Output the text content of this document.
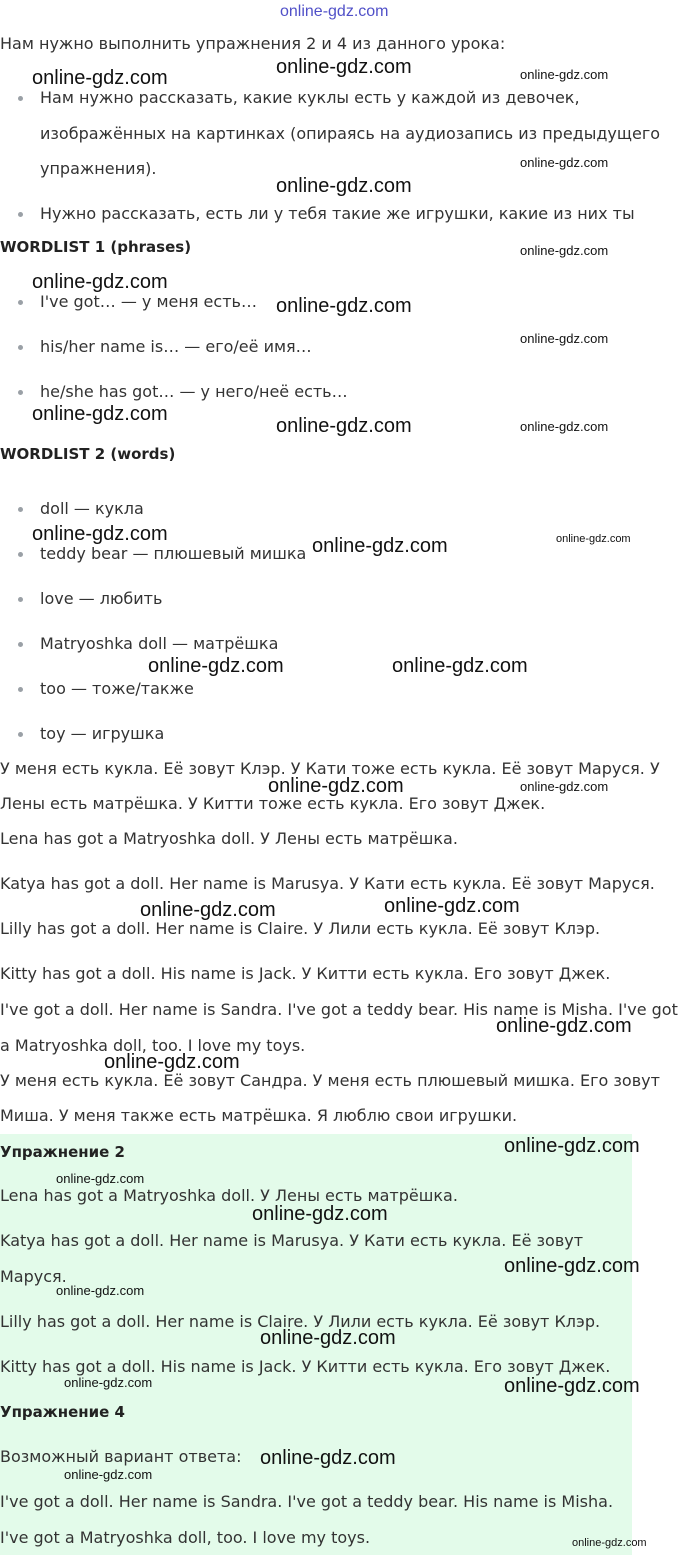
online-gdz.com
Нам нужно выполнить упражнения 2 и 4 из данного урока:
Нам нужно рассказать, какие куклы есть у каждой из девочек,
изображённых на картинках (опираясь на аудиозапись из предыдущего
упражнения).
Нужно рассказать, есть ли у тебя такие же игрушки, какие из них ты
WORDLIST 1 (phrases)
I've got… — у меня есть…
his/her name is… — его/её имя…
he/she has got… — у него/неё есть…
WORDLIST 2 (words)
doll — кукла
teddy bear — плюшевый мишка
love — любить
Matryoshka doll — матрёшка
too — тоже/также
toy — игрушка
У меня есть кукла. Её зовут Клэр. У Кати тоже есть кукла. Её зовут Маруся. У
Лены есть матрёшка. У Китти тоже есть кукла. Его зовут Джек.
Lena has got a Matryoshka doll. У Лены есть матрёшка.
Katya has got a doll. Her name is Marusya. У Кати есть кукла. Её зовут Маруся.
Lilly has got a doll. Her name is Claire. У Лили есть кукла. Её зовут Клэр.
Kitty has got a doll. His name is Jack. У Китти есть кукла. Его зовут Джек.
I've got a doll. Her name is Sandra. I've got a teddy bear. His name is Misha. I've got
a Matryoshka doll, too. I love my toys.
У меня есть кукла. Её зовут Сандра. У меня есть плюшевый мишка. Его зовут
Миша. У меня также есть матрёшка. Я люблю свои игрушки.
Упражнение 2
Lena has got a Matryoshka doll. У Лены есть матрёшка.
Katya has got a doll. Her name is Marusya. У Кати есть кукла. Её зовут
Маруся.
Lilly has got a doll. Her name is Claire. У Лили есть кукла. Её зовут Клэр.
Kitty has got a doll. His name is Jack. У Китти есть кукла. Его зовут Джек.
Упражнение 4
Возможный вариант ответа:
I've got a doll. Her name is Sandra. I've got a teddy bear. His name is Misha.
I've got a Matryoshka doll, too. I love my toys.
online-gdz.com	online-gdz.com
online-gdz.com
online-gdz.com
online-gdz.com
online-gdz.com
online-gdz.com
online-gdz.com
online-gdz.com
online-gdz.com	online-gdz.com
online-gdz.com
online-gdz.com	online-gdz.com
online-gdz.com
online-gdz.com
online-gdz.com
online-gdz.com
online-gdz.com
online-gdz.com
online-gdz.com
online-gdz.com
online-gdz.com
online-gdz.com
online-gdz.com
online-gdz.com
online-gdz.com
online-gdz.com
online-gdz.com
online-gdz.com
online-gdz.com
online-gdz.com
online-gdz.com
online-gdz.com
